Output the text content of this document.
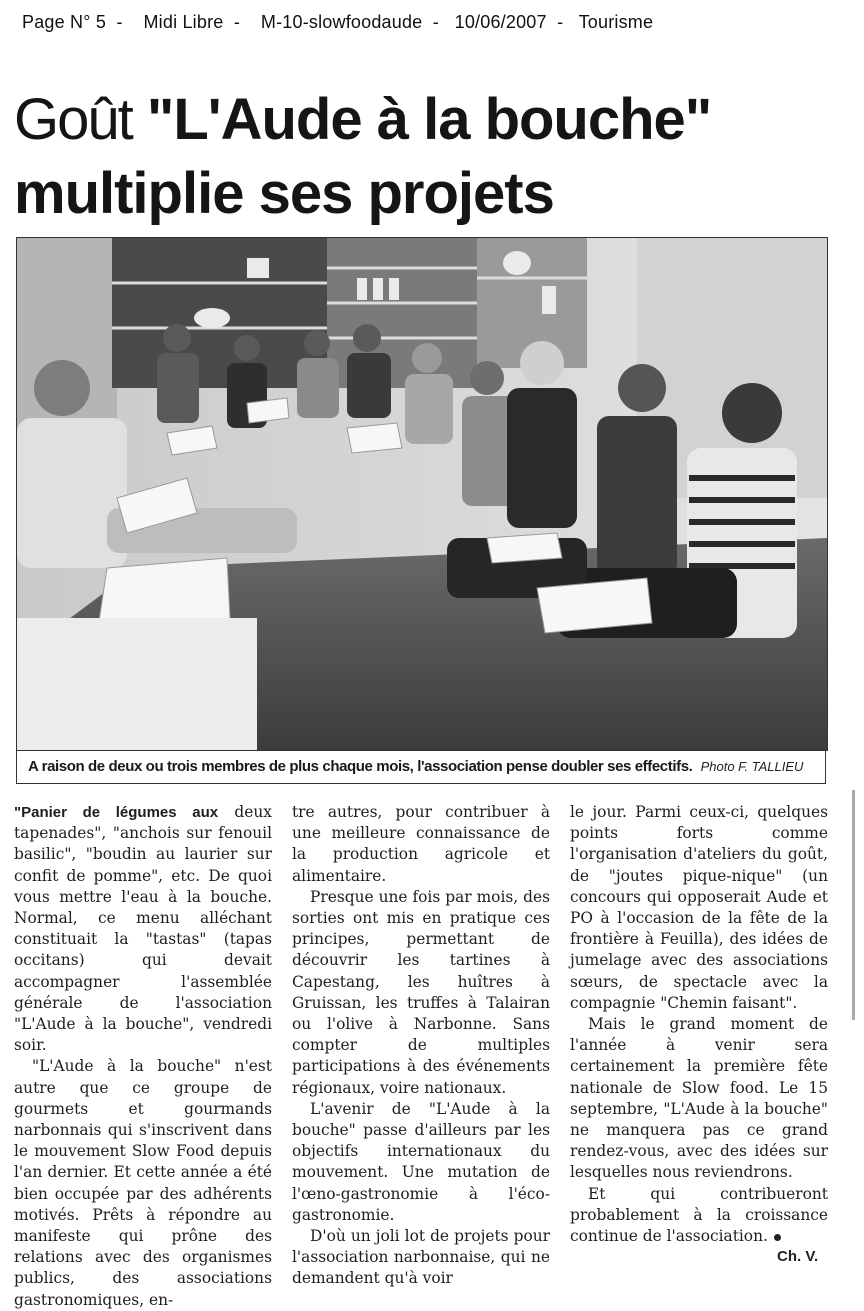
Page N° 5  -    Midi Libre  -    M-10-slowfoodaude  -   10/06/2007  -   Tourisme
Goût "L'Aude à la bouche"
multiplie ses projets
A raison de deux ou trois membres de plus chaque mois, l'association pense doubler ses effectifs. Photo F. TALLIEU

"Panier de légumes aux deux tapenades", "anchois sur fenouil basilic", "boudin au laurier sur confit de pomme", etc. De quoi vous mettre l'eau à la bouche. Normal, ce menu alléchant constituait la "tastas" (tapas occitans) qui devait accompagner l'assemblée générale de l'association "L'Aude à la bouche", vendredi soir.

"L'Aude à la bouche" n'est autre que ce groupe de gourmets et gourmands narbonnais qui s'inscrivent dans le mouvement Slow Food depuis l'an dernier. Et cette année a été bien occupée par des adhérents motivés. Prêts à répondre au manifeste qui prône des relations avec des organismes publics, des associations gastronomiques, en-

tre autres, pour contribuer à une meilleure connaissance de la production agricole et alimentaire.

Presque une fois par mois, des sorties ont mis en pratique ces principes, permettant de découvrir les tartines à Capestang, les huîtres à Gruissan, les truffes à Talairan ou l'olive à Narbonne. Sans compter de multiples participations à des événements régionaux, voire nationaux.

L'avenir de "L'Aude à la bouche" passe d'ailleurs par les objectifs internationaux du mouvement. Une mutation de l'œno-gastronomie à l'éco-gastronomie.

D'où un joli lot de projets pour l'association narbonnaise, qui ne demandent qu'à voir

le jour. Parmi ceux-ci, quelques points forts comme l'organisation d'ateliers du goût, de "joutes pique-nique" (un concours qui opposerait Aude et PO à l'occasion de la fête de la frontière à Feuilla), des idées de jumelage avec des associations sœurs, de spectacle avec la compagnie "Chemin faisant".

Mais le grand moment de l'année à venir sera certainement la première fête nationale de Slow food. Le 15 septembre, "L'Aude à la bouche" ne manquera pas ce grand rendez-vous, avec des idées sur lesquelles nous reviendrons.

Et qui contribueront probablement à la croissance continue de l'association.

Ch. V.
